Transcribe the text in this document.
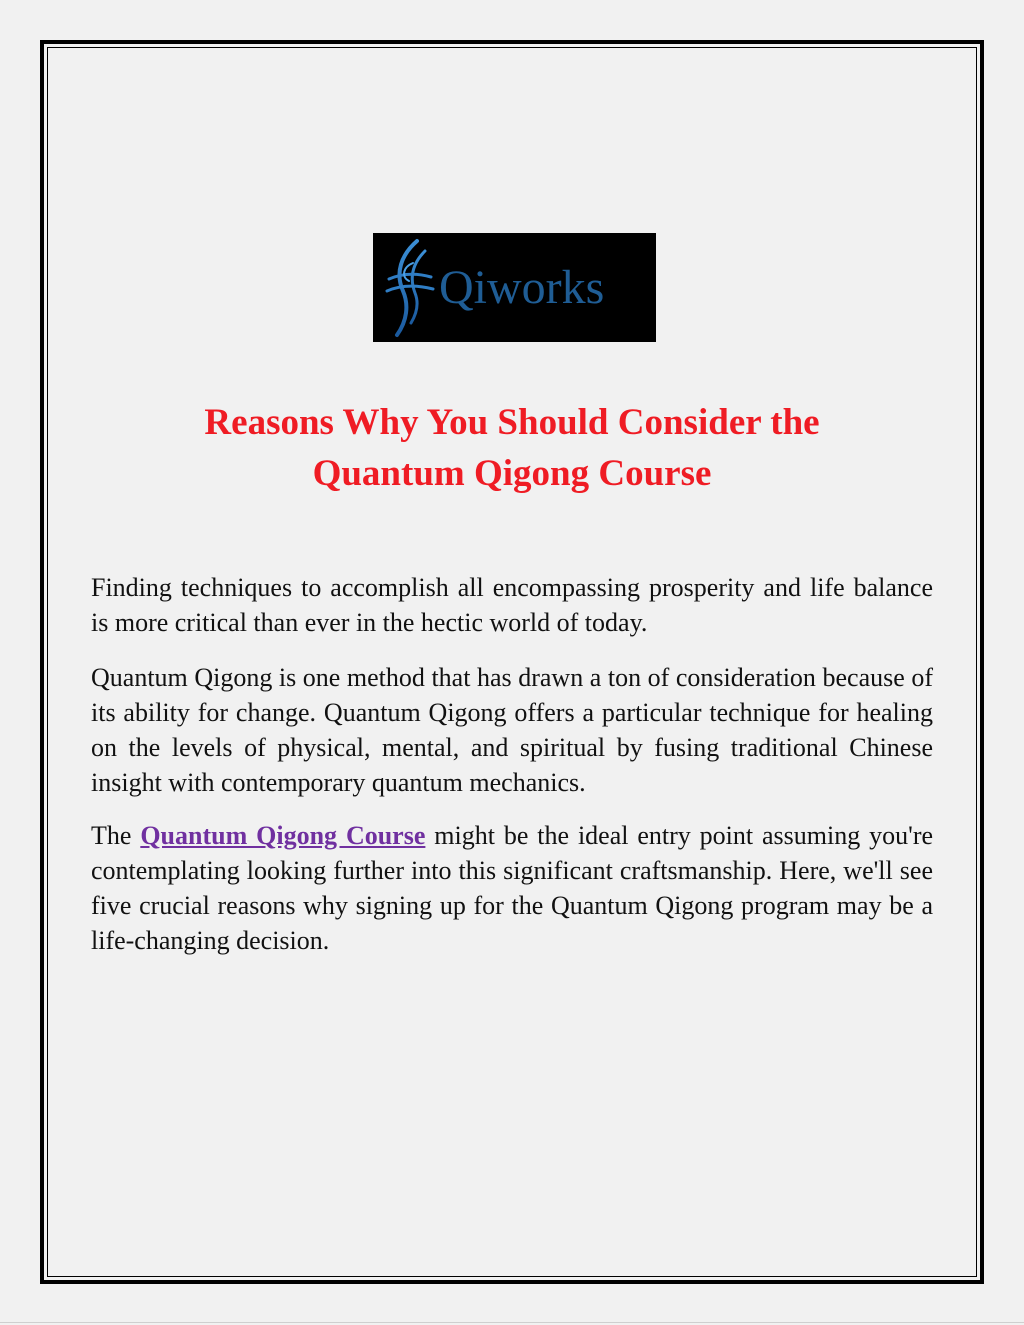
Qiworks
Reasons Why You Should Consider the
Quantum Qigong Course

Finding techniques to accomplish all encompassing prosperity and life balance is more critical than ever in the hectic world of today.

Quantum Qigong is one method that has drawn a ton of consideration because of its ability for change. Quantum Qigong offers a particular technique for healing on the levels of physical, mental, and spiritual by fusing traditional Chinese insight with contemporary quantum mechanics.

The Quantum Qigong Course might be the ideal entry point assuming you're contemplating looking further into this significant craftsmanship. Here, we'll see five crucial reasons why signing up for the Quantum Qigong program may be a life-changing decision.
